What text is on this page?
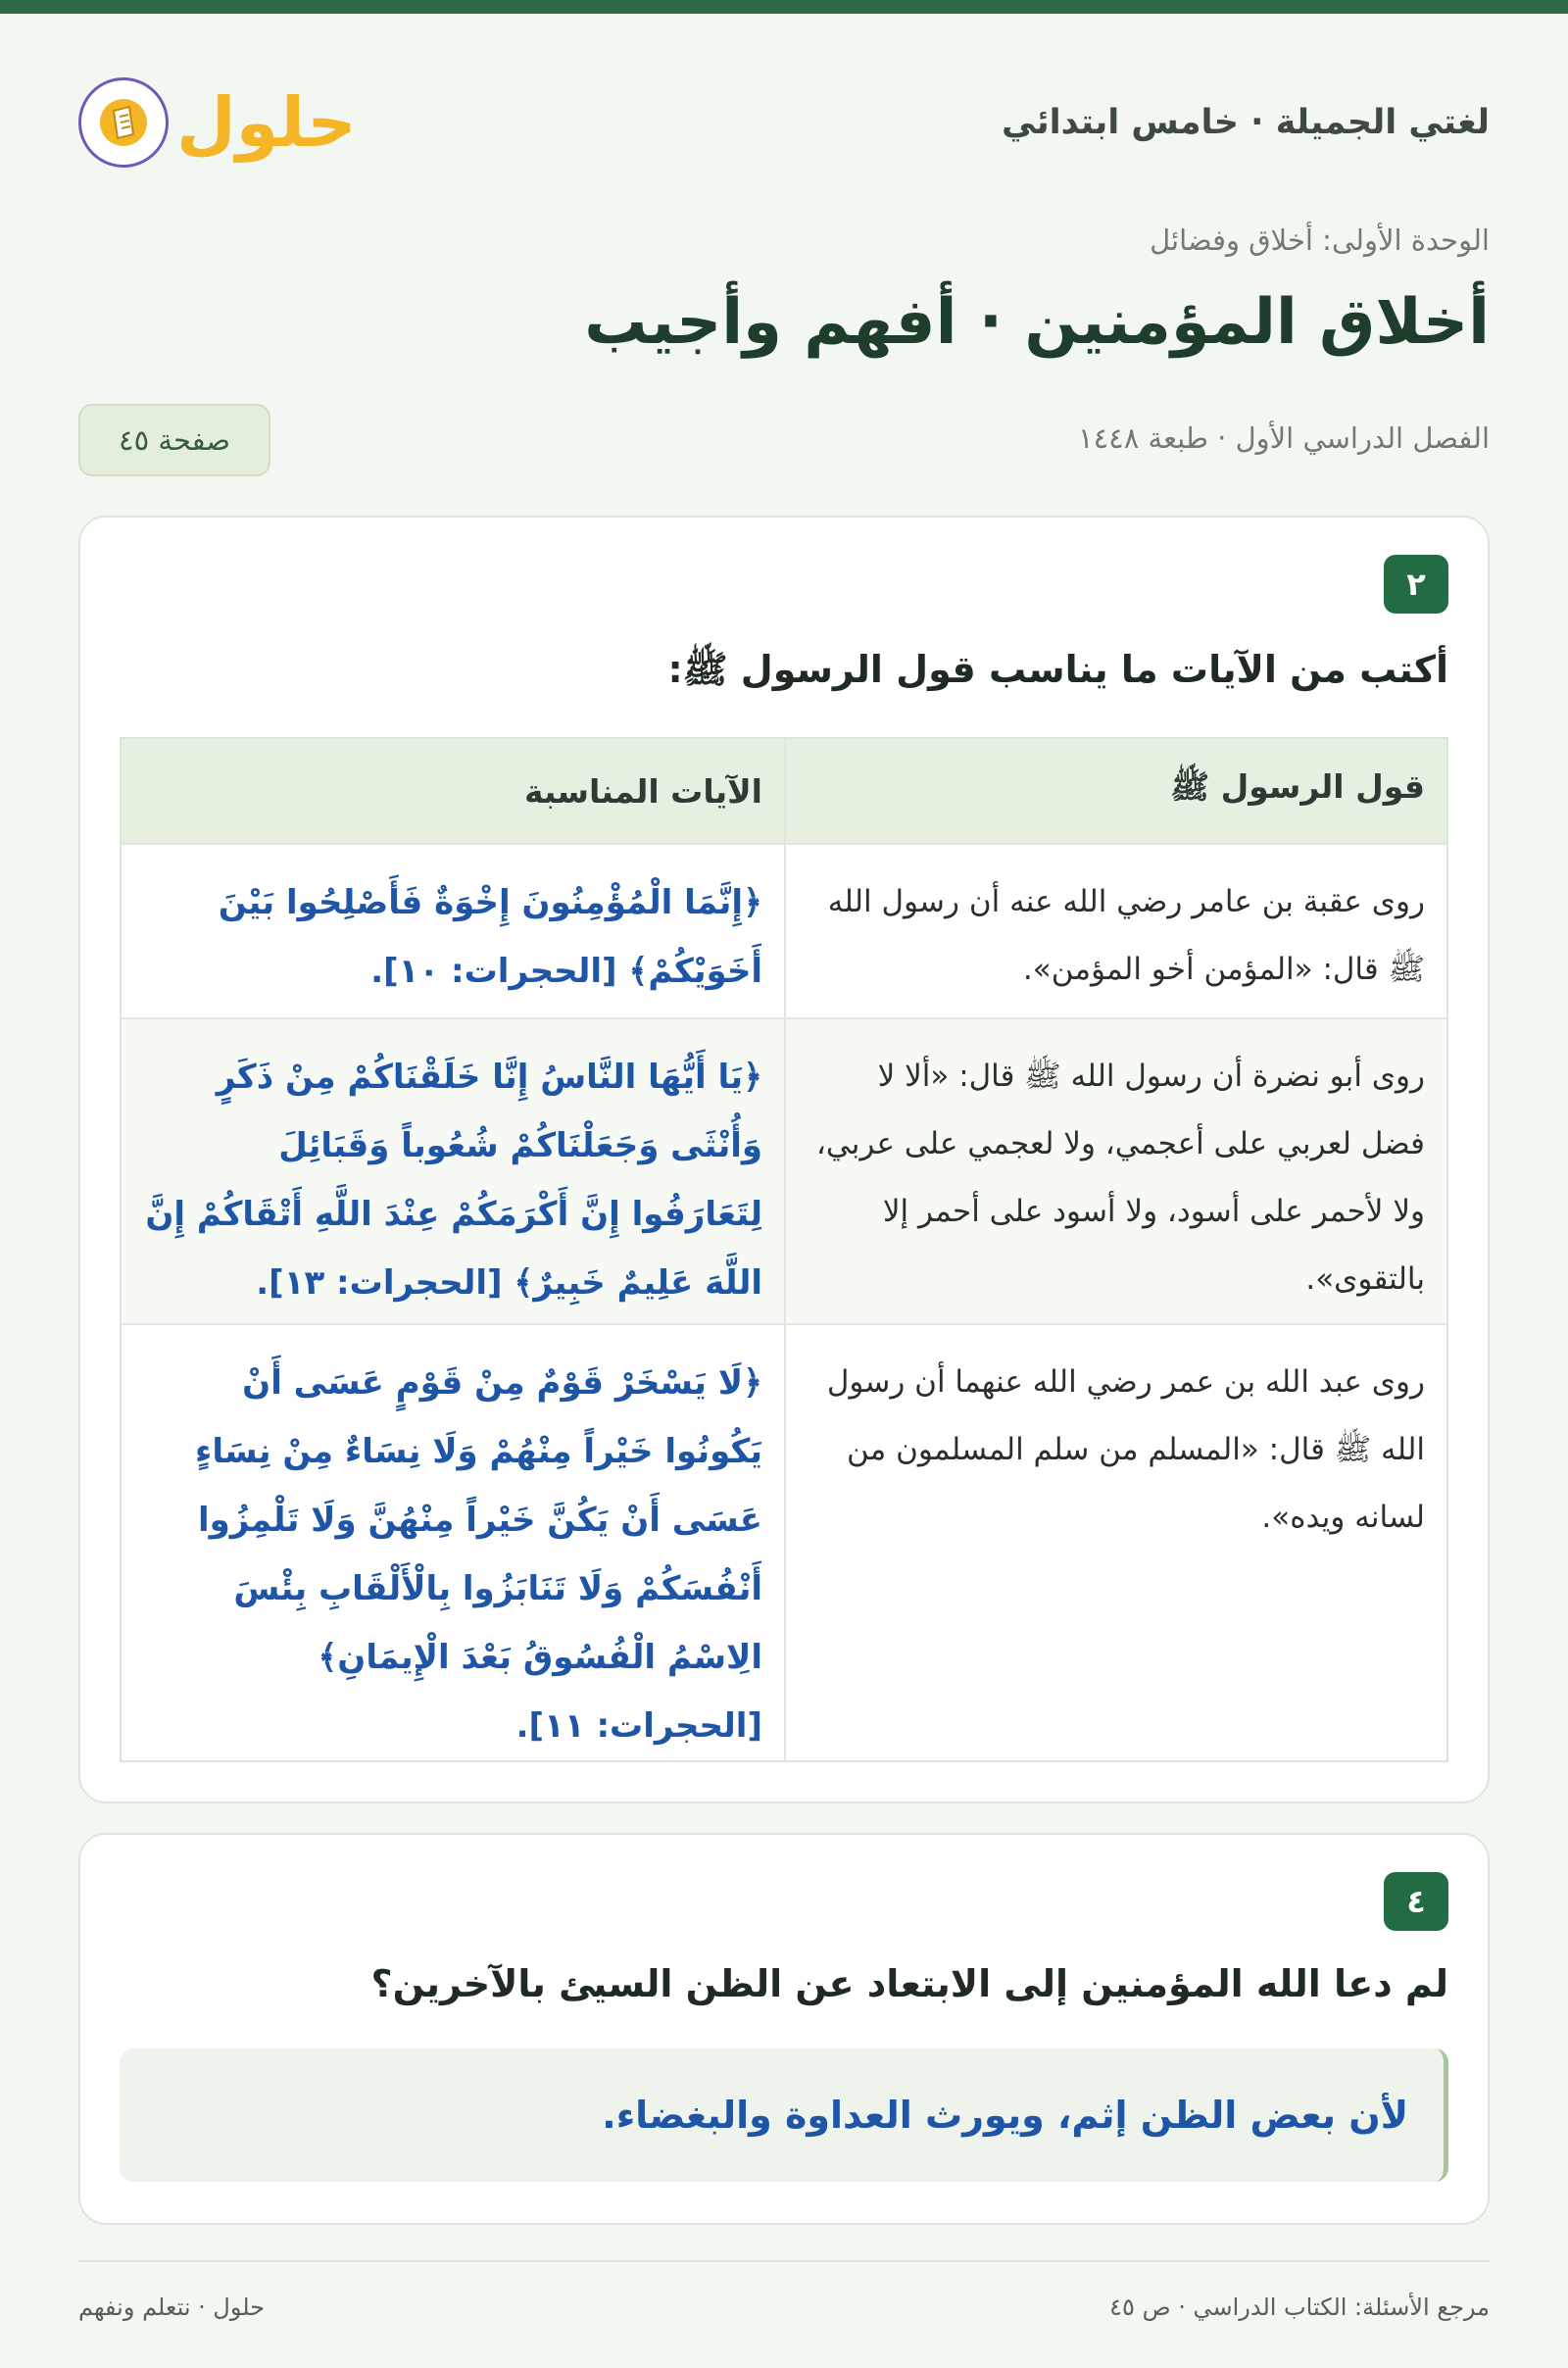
لغتي الجميلة · خامس ابتدائي
حلول
الوحدة الأولى: أخلاق وفضائل
أخلاق المؤمنين · أفهم وأجيب
الفصل الدراسي الأول · طبعة ١٤٤٨
صفحة ٤٥
٢
أكتب من الآيات ما يناسب قول الرسول ﷺ:
قول الرسول ﷺ
الآيات المناسبة
روى عقبة بن عامر رضي الله عنه أن رسول الله ﷺ قال: «المؤمن أخو المؤمن».
﴿إِنَّمَا الْمُؤْمِنُونَ إِخْوَةٌ فَأَصْلِحُوا بَيْنَ أَخَوَيْكُمْ﴾ [الحجرات: ١٠].
روى أبو نضرة أن رسول الله ﷺ قال: «ألا لا فضل لعربي على أعجمي، ولا لعجمي على عربي، ولا لأحمر على أسود، ولا أسود على أحمر إلا بالتقوى».
﴿يَا أَيُّهَا النَّاسُ إِنَّا خَلَقْنَاكُمْ مِنْ ذَكَرٍ وَأُنْثَى وَجَعَلْنَاكُمْ شُعُوباً وَقَبَائِلَ لِتَعَارَفُوا إِنَّ أَكْرَمَكُمْ عِنْدَ اللَّهِ أَتْقَاكُمْ إِنَّ اللَّهَ عَلِيمٌ خَبِيرٌ﴾ [الحجرات: ١٣].
روى عبد الله بن عمر رضي الله عنهما أن رسول الله ﷺ قال: «المسلم من سلم المسلمون من لسانه ويده».
﴿لَا يَسْخَرْ قَوْمٌ مِنْ قَوْمٍ عَسَى أَنْ يَكُونُوا خَيْراً مِنْهُمْ وَلَا نِسَاءٌ مِنْ نِسَاءٍ عَسَى أَنْ يَكُنَّ خَيْراً مِنْهُنَّ وَلَا تَلْمِزُوا أَنْفُسَكُمْ وَلَا تَنَابَزُوا بِالْأَلْقَابِ بِئْسَ الِاسْمُ الْفُسُوقُ بَعْدَ الْإِيمَانِ﴾ [الحجرات: ١١].
٤
لم دعا الله المؤمنين إلى الابتعاد عن الظن السيئ بالآخرين؟
لأن بعض الظن إثم، ويورث العداوة والبغضاء.
مرجع الأسئلة: الكتاب الدراسي · ص ٤٥
حلول · نتعلم ونفهم
